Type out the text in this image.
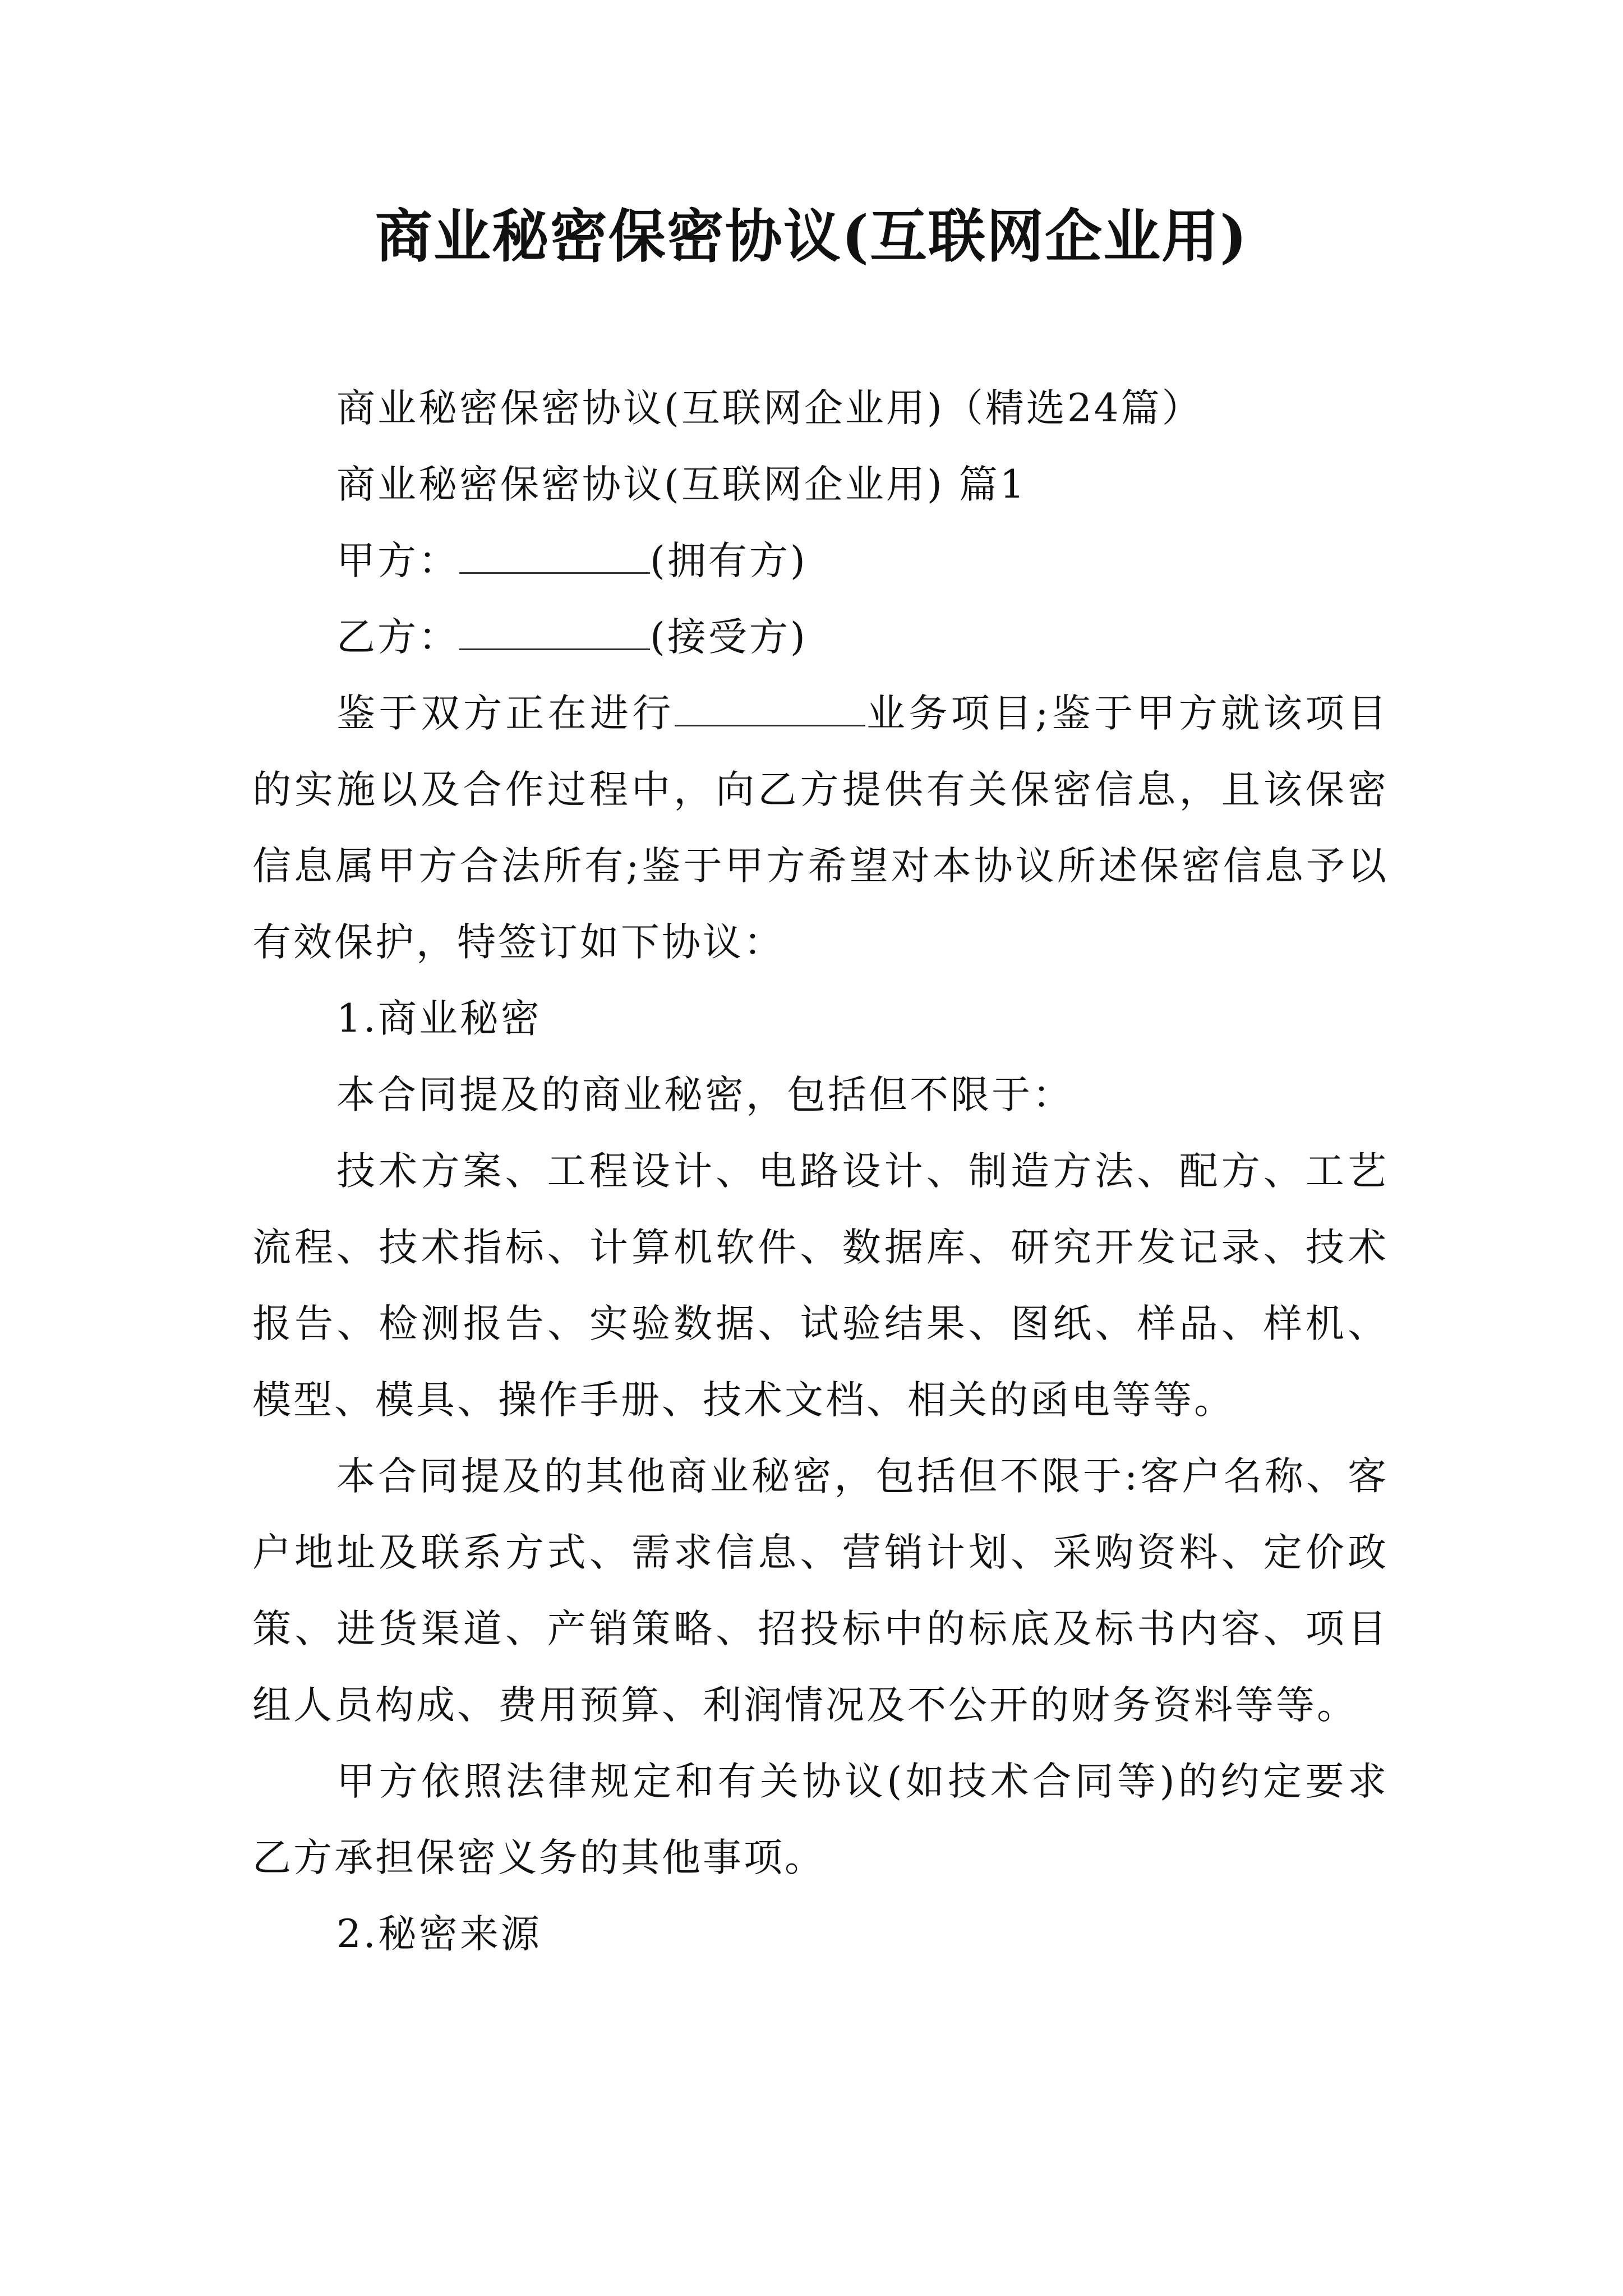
商业秘密保密协议(互联网企业用)

商业秘密保密协议(互联网企业用)（精选24篇）

商业秘密保密协议(互联网企业用) 篇1

甲方：	(拥有方)

乙方：	(接受方)

鉴于双方正在进行	业务项目;鉴于甲方就该项目的实施以及合作过程中，向乙方提供有关保密信息，且该保密信息属甲方合法所有;鉴于甲方希望对本协议所述保密信息予以有效保护，特签订如下协议：

1.商业秘密

本合同提及的商业秘密，包括但不限于：

技术方案、工程设计、电路设计、制造方法、配方、工艺流程、技术指标、计算机软件、数据库、研究开发记录、技术报告、检测报告、实验数据、试验结果、图纸、样品、样机、模型、模具、操作手册、技术文档、相关的函电等等。

本合同提及的其他商业秘密，包括但不限于:客户名称、客户地址及联系方式、需求信息、营销计划、采购资料、定价政策、进货渠道、产销策略、招投标中的标底及标书内容、项目组人员构成、费用预算、利润情况及不公开的财务资料等等。

甲方依照法律规定和有关协议(如技术合同等)的约定要求乙方承担保密义务的其他事项。

2.秘密来源
